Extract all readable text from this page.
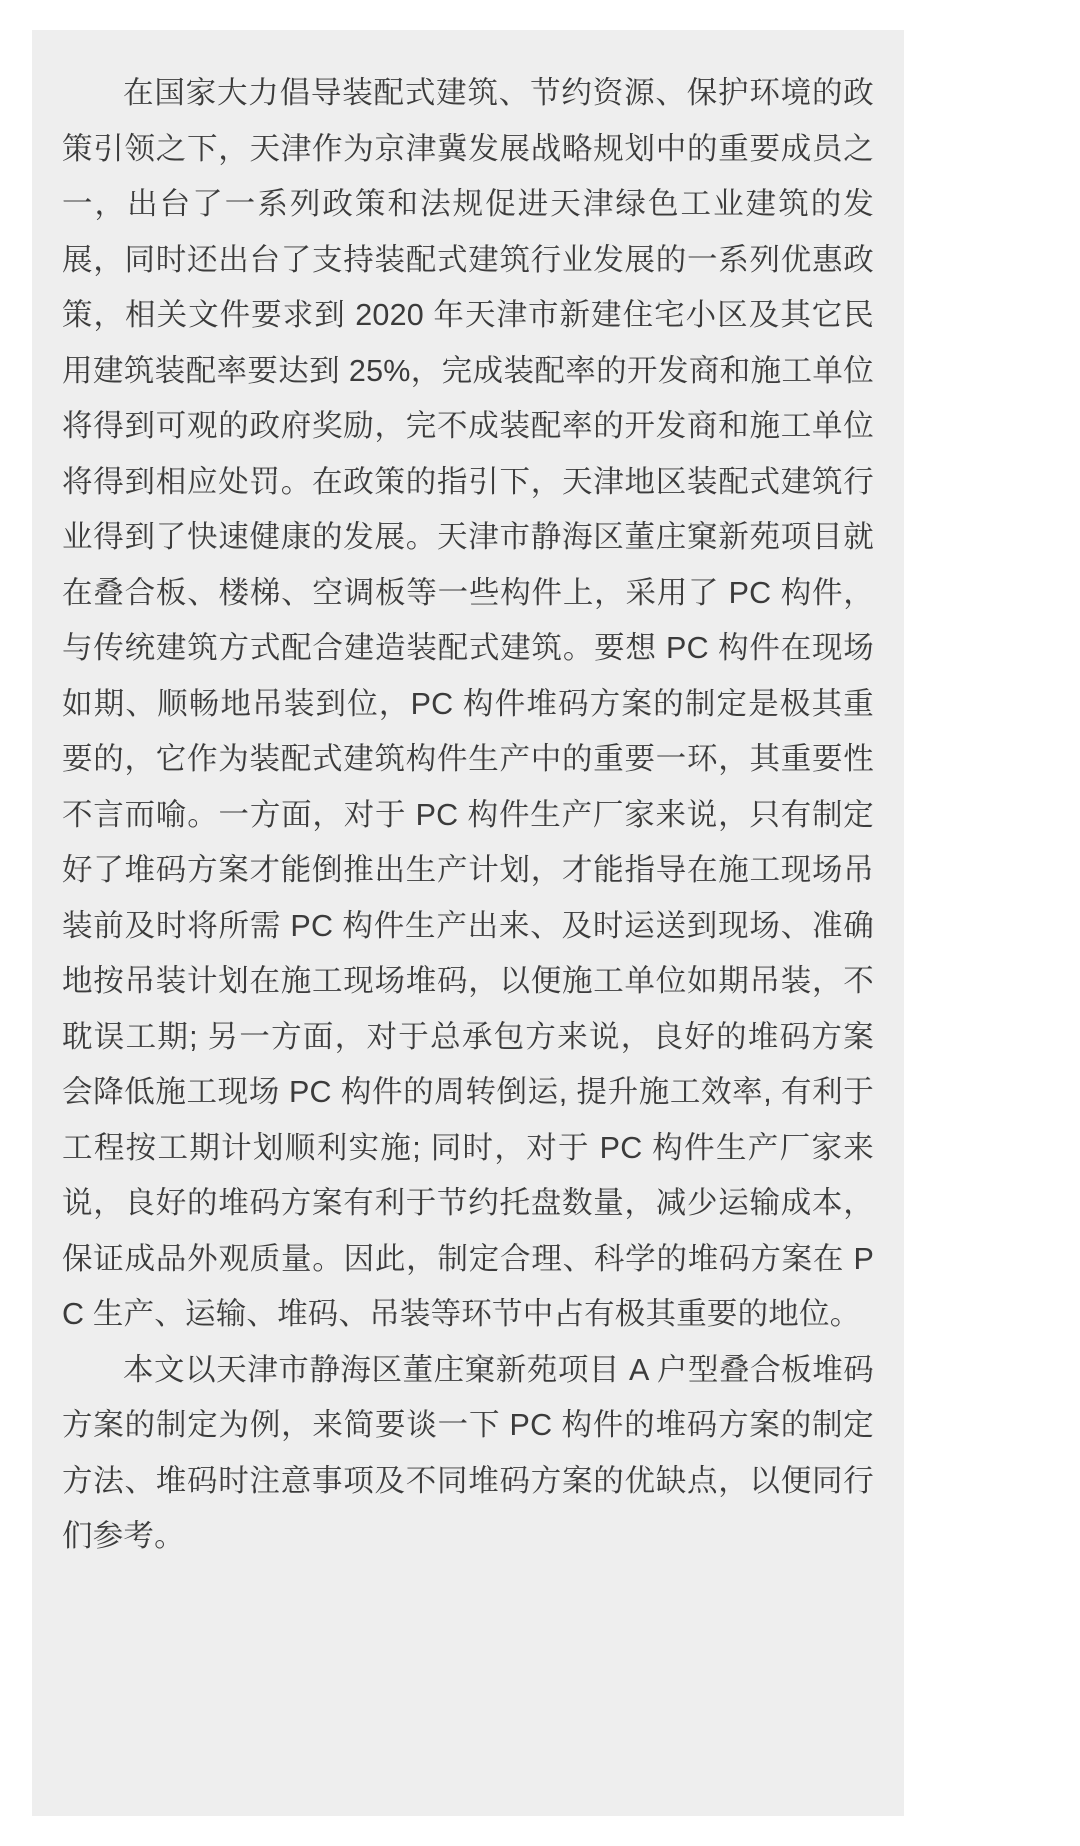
在国家大力倡导装配式建筑、节约资源、保护环境的政策引领之下，天津作为京津冀发展战略规划中的重要成员之一，出台了一系列政策和法规促进天津绿色工业建筑的发展，同时还出台了支持装配式建筑行业发展的一系列优惠政策，相关文件要求到 2020 年天津市新建住宅小区及其它民用建筑装配率要达到 25%，完成装配率的开发商和施工单位将得到可观的政府奖励，完不成装配率的开发商和施工单位将得到相应处罚。在政策的指引下，天津地区装配式建筑行业得到了快速健康的发展。天津市静海区董庄窠新苑项目就在叠合板、楼梯、空调板等一些构件上，采用了 PC 构件，与传统建筑方式配合建造装配式建筑。要想 PC 构件在现场如期、顺畅地吊装到位，PC 构件堆码方案的制定是极其重要的，它作为装配式建筑构件生产中的重要一环，其重要性不言而喻。一方面，对于 PC 构件生产厂家来说，只有制定好了堆码方案才能倒推出生产计划，才能指导在施工现场吊装前及时将所需 PC 构件生产出来、及时运送到现场、准确地按吊装计划在施工现场堆码，以便施工单位如期吊装，不耽误工期; 另一方面，对于总承包方来说，良好的堆码方案会降低施工现场 PC 构件的周转倒运, 提升施工效率, 有利于工程按工期计划顺利实施; 同时，对于 PC 构件生产厂家来说，良好的堆码方案有利于节约托盘数量，减少运输成本，保证成品外观质量。因此，制定合理、科学的堆码方案在 PC 生产、运输、堆码、吊装等环节中占有极其重要的地位。

本文以天津市静海区董庄窠新苑项目 A 户型叠合板堆码方案的制定为例，来简要谈一下 PC 构件的堆码方案的制定方法、堆码时注意事项及不同堆码方案的优缺点，以便同行们参考。
